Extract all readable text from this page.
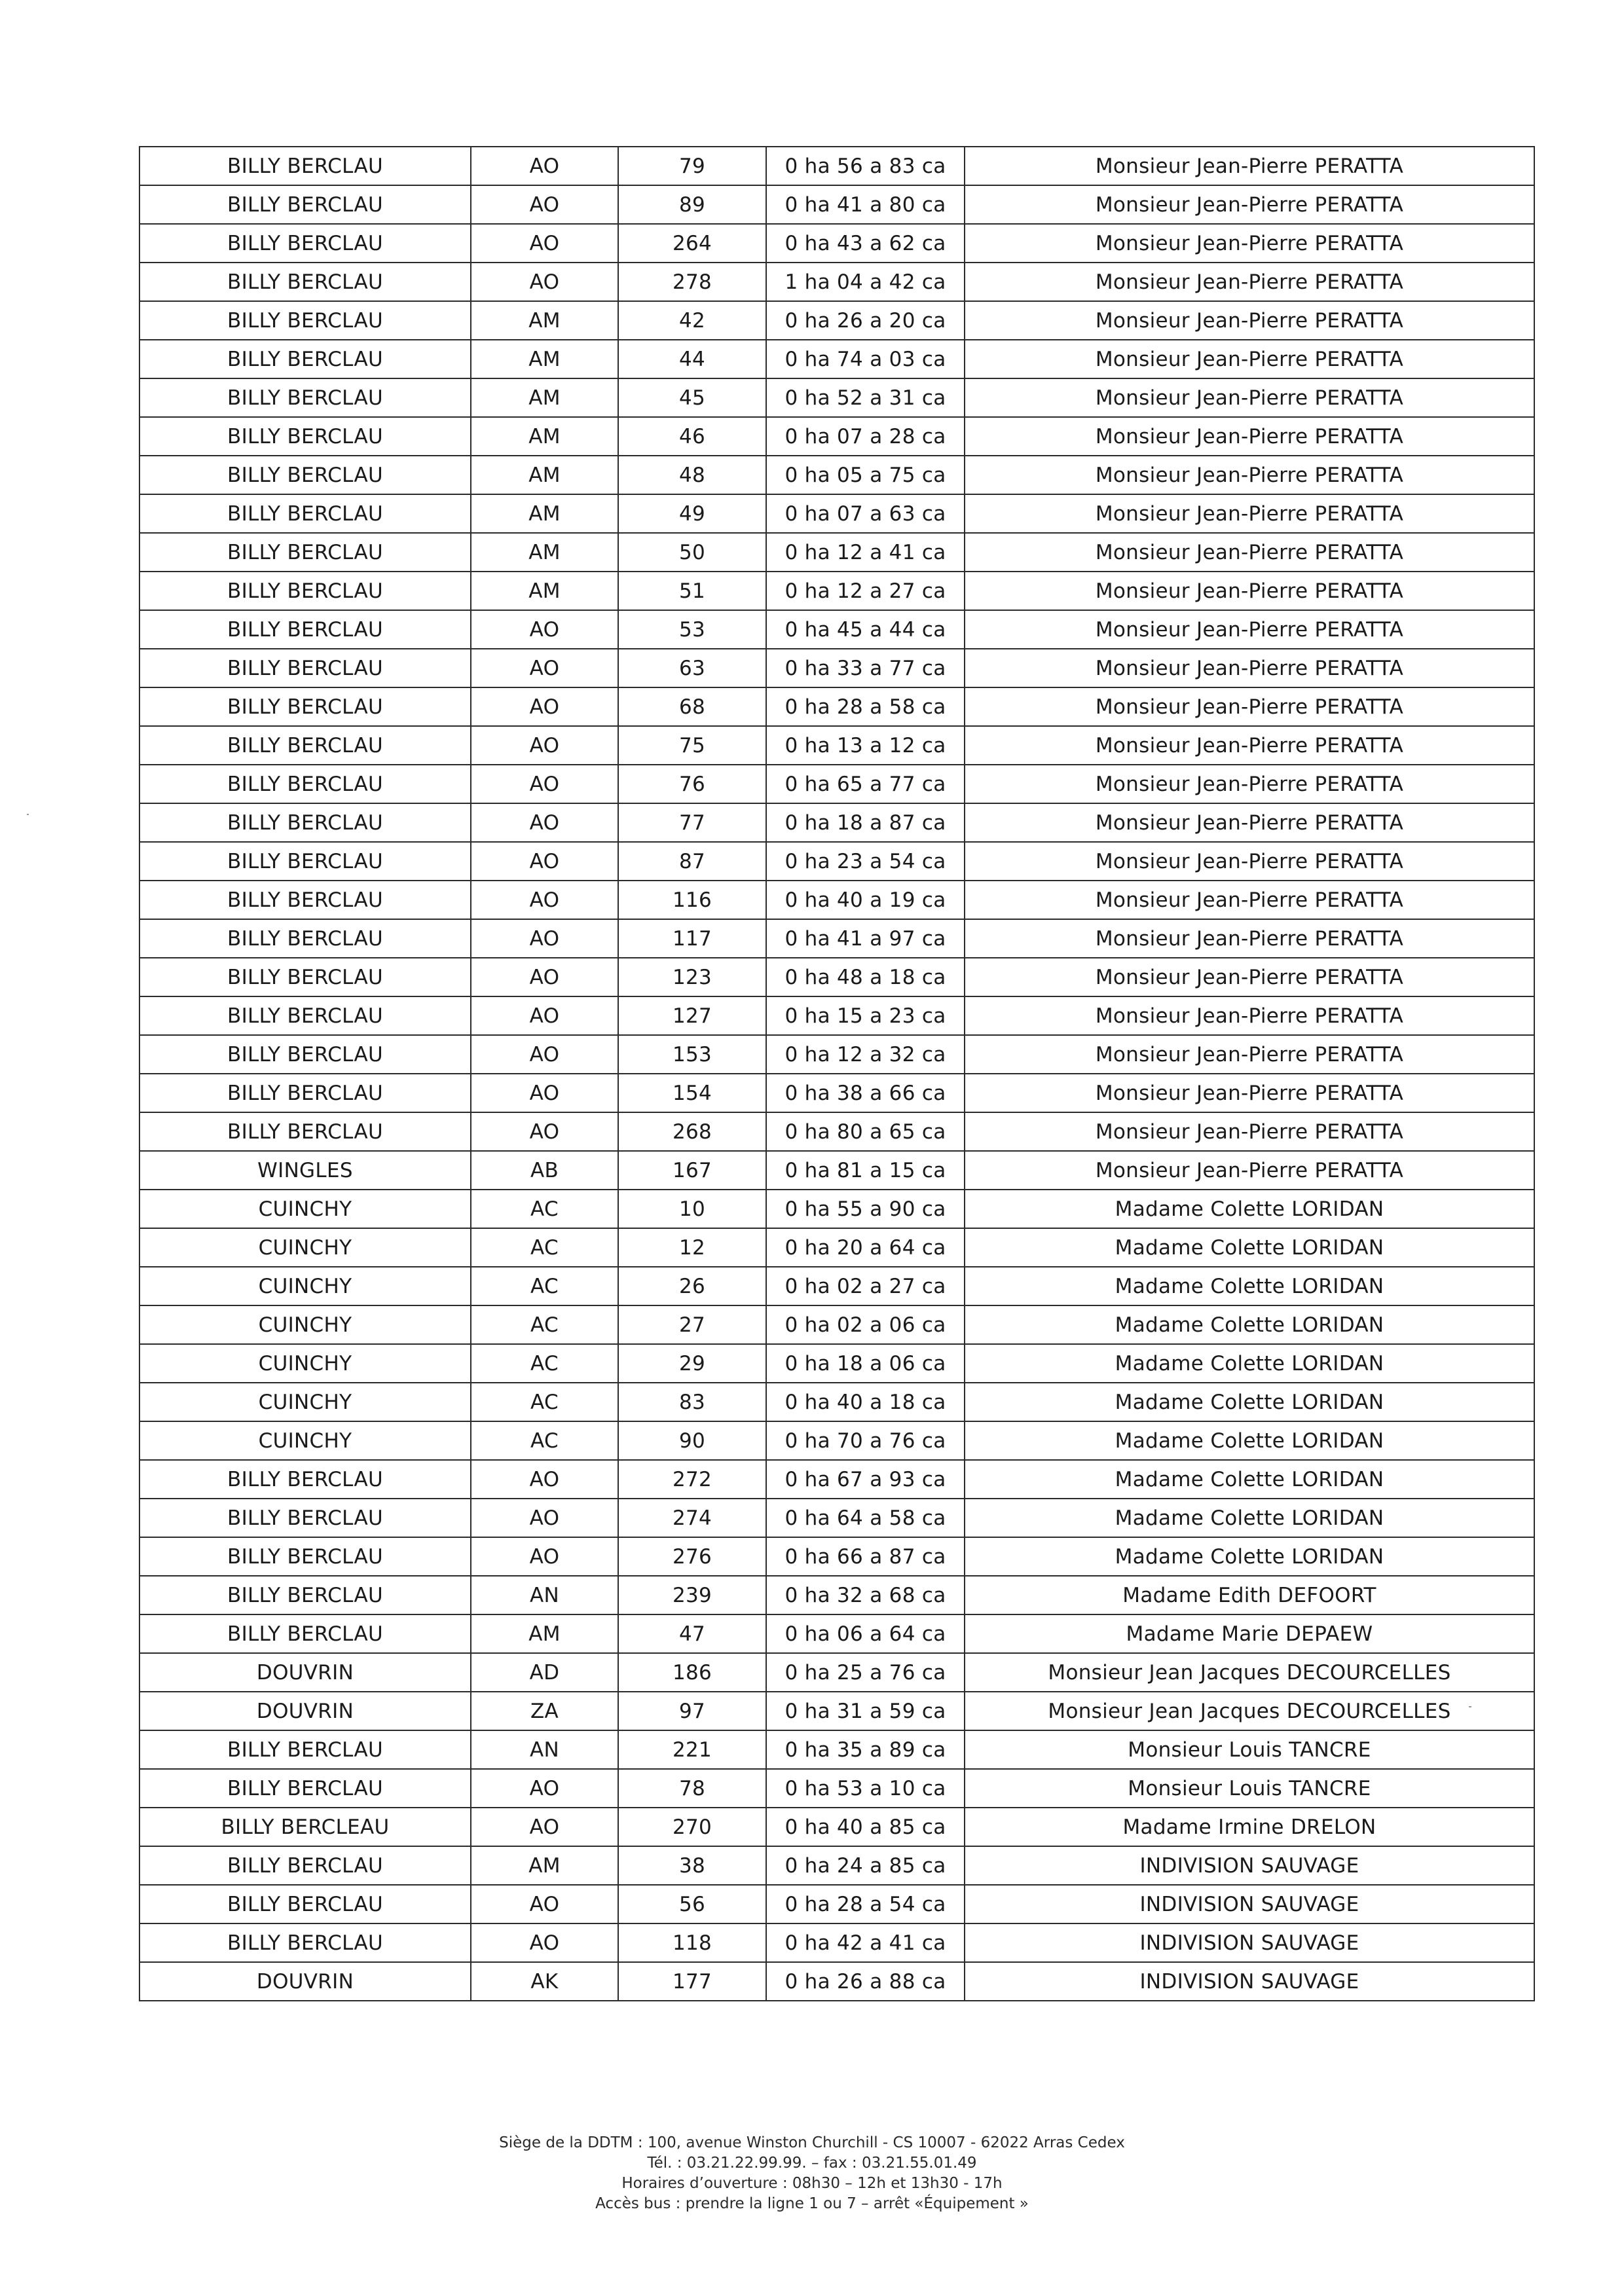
BILLY BERCLAU	AO	79	0 ha 56 a 83 ca	Monsieur Jean-Pierre PERATTA
BILLY BERCLAU	AO	89	0 ha 41 a 80 ca	Monsieur Jean-Pierre PERATTA
BILLY BERCLAU	AO	264	0 ha 43 a 62 ca	Monsieur Jean-Pierre PERATTA
BILLY BERCLAU	AO	278	1 ha 04 a 42 ca	Monsieur Jean-Pierre PERATTA
BILLY BERCLAU	AM	42	0 ha 26 a 20 ca	Monsieur Jean-Pierre PERATTA
BILLY BERCLAU	AM	44	0 ha 74 a 03 ca	Monsieur Jean-Pierre PERATTA
BILLY BERCLAU	AM	45	0 ha 52 a 31 ca	Monsieur Jean-Pierre PERATTA
BILLY BERCLAU	AM	46	0 ha 07 a 28 ca	Monsieur Jean-Pierre PERATTA
BILLY BERCLAU	AM	48	0 ha 05 a 75 ca	Monsieur Jean-Pierre PERATTA
BILLY BERCLAU	AM	49	0 ha 07 a 63 ca	Monsieur Jean-Pierre PERATTA
BILLY BERCLAU	AM	50	0 ha 12 a 41 ca	Monsieur Jean-Pierre PERATTA
BILLY BERCLAU	AM	51	0 ha 12 a 27 ca	Monsieur Jean-Pierre PERATTA
BILLY BERCLAU	AO	53	0 ha 45 a 44 ca	Monsieur Jean-Pierre PERATTA
BILLY BERCLAU	AO	63	0 ha 33 a 77 ca	Monsieur Jean-Pierre PERATTA
BILLY BERCLAU	AO	68	0 ha 28 a 58 ca	Monsieur Jean-Pierre PERATTA
BILLY BERCLAU	AO	75	0 ha 13 a 12 ca	Monsieur Jean-Pierre PERATTA
BILLY BERCLAU	AO	76	0 ha 65 a 77 ca	Monsieur Jean-Pierre PERATTA
BILLY BERCLAU	AO	77	0 ha 18 a 87 ca	Monsieur Jean-Pierre PERATTA
BILLY BERCLAU	AO	87	0 ha 23 a 54 ca	Monsieur Jean-Pierre PERATTA
BILLY BERCLAU	AO	116	0 ha 40 a 19 ca	Monsieur Jean-Pierre PERATTA
BILLY BERCLAU	AO	117	0 ha 41 a 97 ca	Monsieur Jean-Pierre PERATTA
BILLY BERCLAU	AO	123	0 ha 48 a 18 ca	Monsieur Jean-Pierre PERATTA
BILLY BERCLAU	AO	127	0 ha 15 a 23 ca	Monsieur Jean-Pierre PERATTA
BILLY BERCLAU	AO	153	0 ha 12 a 32 ca	Monsieur Jean-Pierre PERATTA
BILLY BERCLAU	AO	154	0 ha 38 a 66 ca	Monsieur Jean-Pierre PERATTA
BILLY BERCLAU	AO	268	0 ha 80 a 65 ca	Monsieur Jean-Pierre PERATTA
WINGLES	AB	167	0 ha 81 a 15 ca	Monsieur Jean-Pierre PERATTA
CUINCHY	AC	10	0 ha 55 a 90 ca	Madame Colette LORIDAN
CUINCHY	AC	12	0 ha 20 a 64 ca	Madame Colette LORIDAN
CUINCHY	AC	26	0 ha 02 a 27 ca	Madame Colette LORIDAN
CUINCHY	AC	27	0 ha 02 a 06 ca	Madame Colette LORIDAN
CUINCHY	AC	29	0 ha 18 a 06 ca	Madame Colette LORIDAN
CUINCHY	AC	83	0 ha 40 a 18 ca	Madame Colette LORIDAN
CUINCHY	AC	90	0 ha 70 a 76 ca	Madame Colette LORIDAN
BILLY BERCLAU	AO	272	0 ha 67 a 93 ca	Madame Colette LORIDAN
BILLY BERCLAU	AO	274	0 ha 64 a 58 ca	Madame Colette LORIDAN
BILLY BERCLAU	AO	276	0 ha 66 a 87 ca	Madame Colette LORIDAN
BILLY BERCLAU	AN	239	0 ha 32 a 68 ca	Madame Edith DEFOORT
BILLY BERCLAU	AM	47	0 ha 06 a 64 ca	Madame Marie DEPAEW
DOUVRIN	AD	186	0 ha 25 a 76 ca	Monsieur Jean Jacques DECOURCELLES
DOUVRIN	ZA	97	0 ha 31 a 59 ca	Monsieur Jean Jacques DECOURCELLES
BILLY BERCLAU	AN	221	0 ha 35 a 89 ca	Monsieur Louis TANCRE
BILLY BERCLAU	AO	78	0 ha 53 a 10 ca	Monsieur Louis TANCRE
BILLY BERCLEAU	AO	270	0 ha 40 a 85 ca	Madame Irmine DRELON
BILLY BERCLAU	AM	38	0 ha 24 a 85 ca	INDIVISION SAUVAGE
BILLY BERCLAU	AO	56	0 ha 28 a 54 ca	INDIVISION SAUVAGE
BILLY BERCLAU	AO	118	0 ha 42 a 41 ca	INDIVISION SAUVAGE
DOUVRIN	AK	177	0 ha 26 a 88 ca	INDIVISION SAUVAGE
Siège de la DDTM : 100, avenue Winston Churchill - CS 10007 - 62022 Arras Cedex
Tél. : 03.21.22.99.99. – fax : 03.21.55.01.49
Horaires d’ouverture : 08h30 – 12h et 13h30 - 17h
Accès bus : prendre la ligne 1 ou 7 – arrêt «Équipement »
